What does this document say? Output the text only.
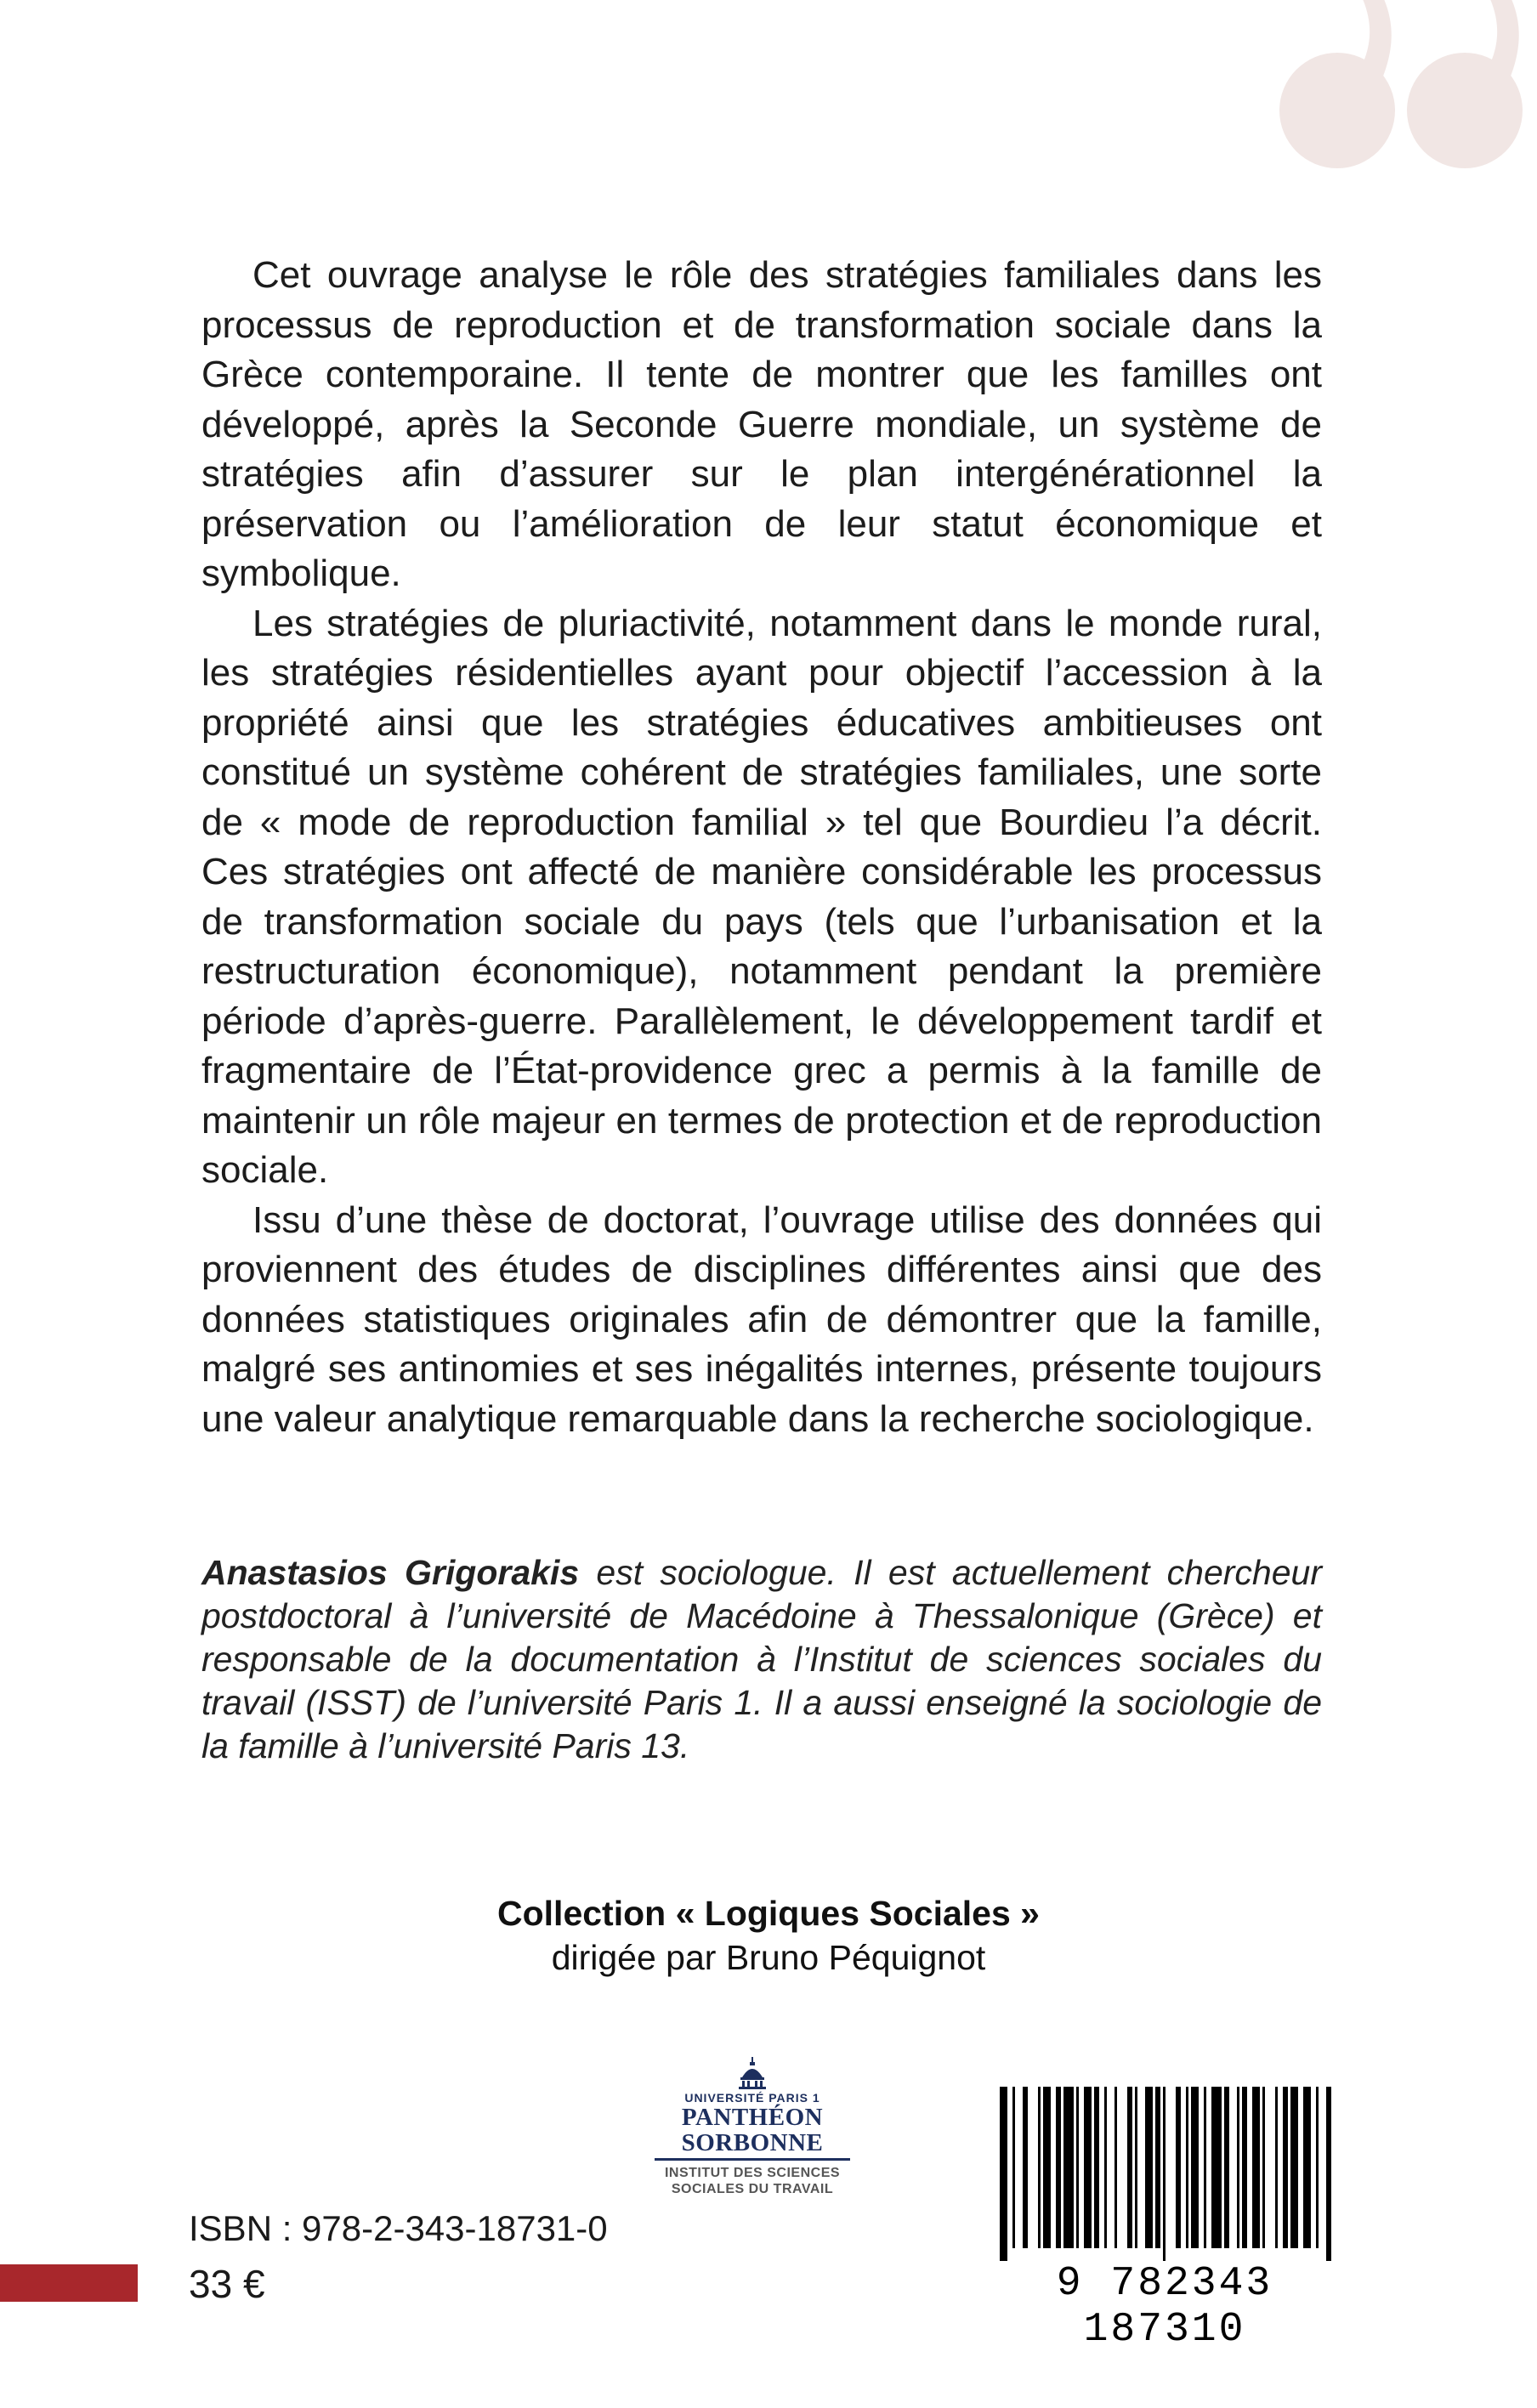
Cet ouvrage analyse le rôle des stratégies familiales dans les processus de reproduction et de transformation sociale dans la Grèce contemporaine. Il tente de montrer que les familles ont développé, après la Seconde Guerre mondiale, un système de stratégies afin d’assurer sur le plan intergénérationnel la préservation ou l’amélioration de leur statut économique et symbolique.

Les stratégies de pluriactivité, notamment dans le monde rural, les stratégies résidentielles ayant pour objectif l’accession à la propriété ainsi que les stratégies éducatives ambitieuses ont constitué un système cohérent de stratégies familiales, une sorte de « mode de reproduction familial » tel que Bourdieu l’a décrit. Ces stratégies ont affecté de manière considérable les processus de transformation sociale du pays (tels que l’urbanisation et la restructuration économique), notamment pendant la première période d’après-guerre. Parallèlement, le développement tardif et fragmentaire de l’État-providence grec a permis à la famille de maintenir un rôle majeur en termes de protection et de reproduction sociale.

Issu d’une thèse de doctorat, l’ouvrage utilise des données qui proviennent des études de disciplines différentes ainsi que des données statistiques originales afin de démontrer que la famille, malgré ses antinomies et ses inégalités internes, présente toujours une valeur analytique remarquable dans la recherche sociologique.

Anastasios Grigorakis est sociologue. Il est actuellement chercheur postdoctoral à l’université de Macédoine à Thessalonique (Grèce) et responsable de la documentation à l’Institut de sciences sociales du travail (ISST) de l’université Paris 1. Il a aussi enseigné la sociologie de la famille à l’université Paris 13.
Collection « Logiques Sociales »
dirigée par Bruno Péquignot
UNIVERSITÉ PARIS 1
PANTHÉON SORBONNE
INSTITUT DES SCIENCES
SOCIALES DU TRAVAIL
ISBN : 978-2-343-18731-0
33 €	9 782343 187310
